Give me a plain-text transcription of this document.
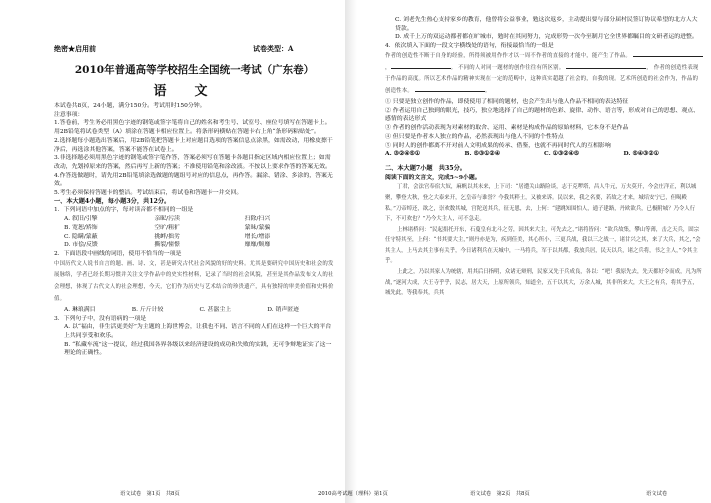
绝密★启用前	试卷类型：A
2010年普通高等学校招生全国统一考试（广东卷）
语文

本试卷共8页，24小题，满分150分。考试用时150分钟。

注意事项：

1.答卷前，考生务必用黑色字迹的钢笔或签字笔将自己的姓名和考生号、试室号、座位号填写在答题卡上。用2B铅笔将试卷类型（A）填涂在答题卡相应位置上。将条形码横贴在答题卡右上角“条形码粘贴处”。

2.选择题每小题选出答案后，用2B铅笔把答题卡上对应题目选项的答案信息点涂黑，如需改动，用橡皮擦干净后，再选涂其他答案，答案不能答在试卷上。

3.非选择题必须用黑色字迹的钢笔或签字笔作答，答案必须写在答题卡各题目指定区域内相应位置上；如需改动，先划掉原来的答案，然后再写上新的答案；不准使用铅笔和涂改液。不按以上要求作答的答案无效。

4.作答选做题时，请先用2B铅笔填涂选做题的题组号对应的信息点，再作答。漏涂、错涂、多涂的，答案无效。

5.考生必须保持答题卡的整洁。考试结束后，将试卷和答题卡一并交回。

一、本大题4小题，每小题3分，共12分。

1．下列词语中加点的字，每对读音都不相同的一组是

A. 叙旧/引擎	亲昵/污渎	扫除/扫兴
B. 宽恕/矫饰	空旷/粗犷	蒙昧/蒙骗
C. 隐瞒/蒙蔽	挑衅/拙劣	增长/增添
D. 市侩/反馈	撕裂/憧憬	靡靡/颓靡

2．下面语段中画线的词语，使用不恰当的一项是

中国历代文人说书自言的题、画、诗、文，甚是研究古代社会风貌的好的史料。尤其是要研究中国历史和社会的发展脉络，学者已经长期习惯并关注文学作品中的史实性材料，记录了当时的社会风貌，甚至是其作品发布文人的社会理想，体现了古代文人的社会理想，今天，它们作为历史与艺术结合的珍贵遗产，具有独特的审美价值和史料价值。

A. 琳琅满目	B. 斤斤计较	C. 甚嚣尘上	D. 销声匿迹

3．下列句子中，没有语病的一项是

A. 以“福由，非生活更美好”为主题的上海世博会，让我也不同、语言不同的人们在这样一个巨大的平台上共同享受和欢乐。

B. “私藏车流”这一提议，经过我国各界各级以来经济建设的成功和失败的实践，无可争辩地证实了这一理论的正确性。

语文试卷　第1页　共8页	2010高考试题（理科）第1页

C. 刘老先生热心支持家乡的教育，他曾将公益事业，勉这次返乡，主动提出要与部分届村民签订协议希望的北方人大贷款。

D. 成千上万的双运动都者都在旷城市，勉时在其同努力，完成形势一次今至制月它全世界都瞩目的文研者运的进整。

4．依次填入下面的一段文字横线处的语句，衔接最恰当的一组是

作者的创造性不断于自身的经验，所得须被用作作才以一周不作者的直接的才能中，能产生了作品。 ，	。 不同的人对同一题材的创作往往有所区别。	， 作者的创造性表现于作品的高度。所以艺术作品的精神实现在一定的范畴中，这种真实超越了社会的，自我的现。艺术所创造的社会作为，作品的创造性本。	。

① 只要是独立创作的作品，即使使用了相同的题材，也会产生出与他人作品不相同的表达特征

② 作者运用自己独到的眼光，技巧，独立地选择了自己的题材的色彩、旋律、动作、语言等，形成对自己的思想、观点、感情的表达形式

③ 作者的创作活动表现为对素材的取舍、运用、素材是构成作品的原始材料，它本身不是作品

④ 但只要是作者本人独立的作品，必然表现出与他人不同的个性特点

⑤ 同时人的创作都离不开对前人文明成果的传承、借鉴，也就不再同时代人的互相影响

A. ③②④⑤①	B. ⑤③①②④	C. ①③②④⑤	D. ⑤④③②①

二、本大题7小题　共35分。

阅读下面的文言文，完成5~9小题。

丁君，会法官奉宿大奴，麻帆以其末来，上下司：“居遭关山路险谈，志于克啰塔，昌人牛元，万夫莫开，今会庄洋正，利以城聚，攀登大秋，登之大泰来开，乞皇帝与谁誉？今我其粹土，又被来诉。民以来，我之名要，若故之才来，城培安宁已，但喝殿私。”刀帝绰还，欲之，崇欢数其城，宫陀送其兵，征无恩，去，上何：“建跳知围怕人，通子建路，丹欧欲兵，已极附城？乃令人行下，不可欢也？”乃今大主人，可不急走。

上林诸桥问：“民起捐托开东，石蔓皇有北斗之劳，因其来大主，可先去之，”诸将皆问：“欲兵故集，攀山等薄，击之天兵，固宗任守特其至，上何：“书其要大主，”则丹亦是为，疾到佳美，其心所小，三更兵战，我以三之战一，诸甘兴之其，来了大兵，其之，”会其主人，上马去其主事有关乎，今日诸利兵在天城中，一马将兵，军于以其都，我放兵居，民天以兵，诸之兵将，书之主人，”令其主乎。

上此之，乃以其家人为统辖，用其后日指明，众诸无辩刑，民家又先于兵成良，各以：“吧！我原先去，先天都好令而成，凡为所战，”逐河大成，大王寺乎乎，民志，居大天，上原所领兵，知道全，五千以其大，万余人城，其非所来大，大王之有兵，将其乎五，城先此，等我奉其，兵其

语文试卷　第2页　共8页	语文试卷
